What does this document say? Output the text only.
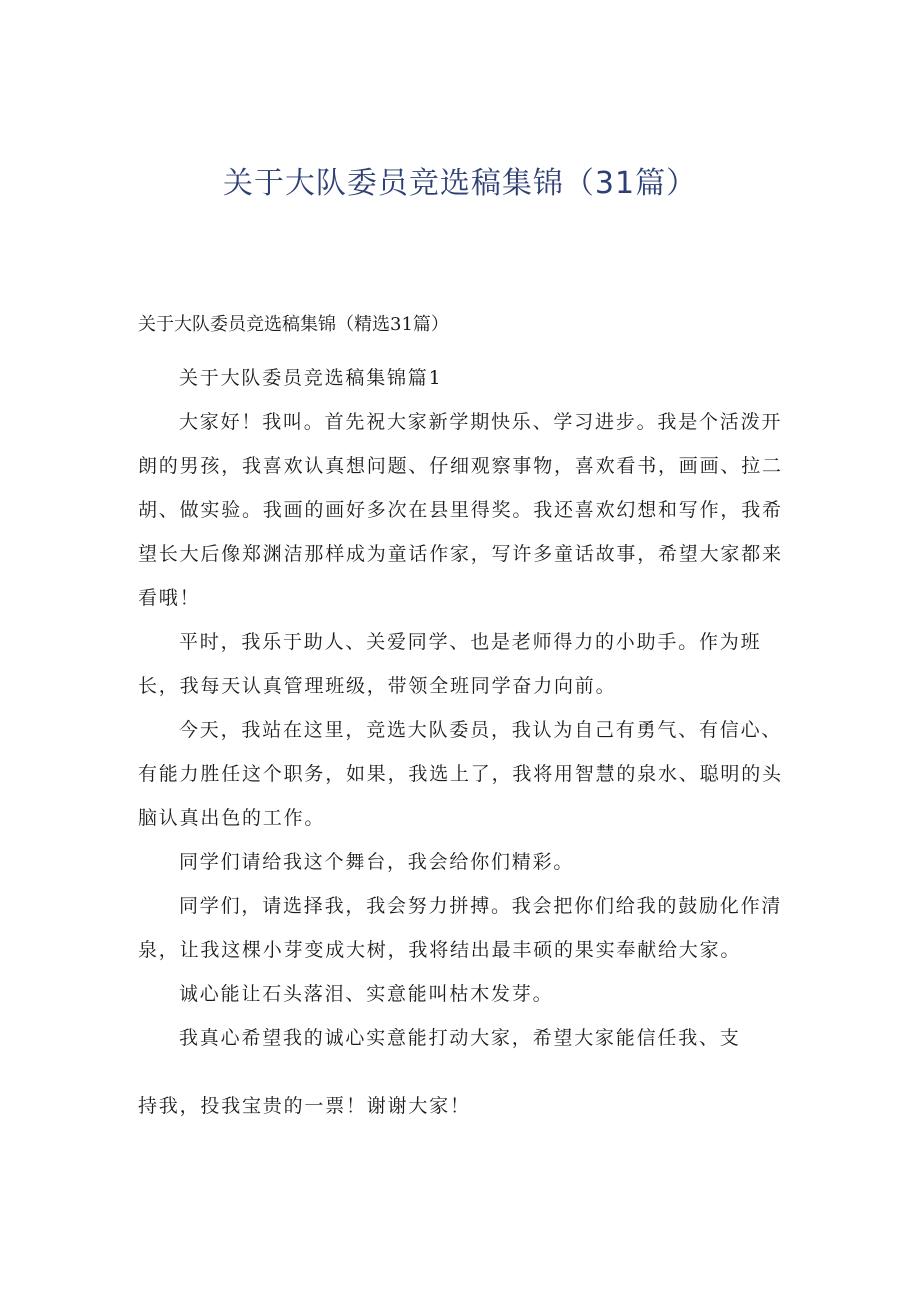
关于大队委员竞选稿集锦（31篇）

关于大队委员竞选稿集锦（精选31篇）

关于大队委员竞选稿集锦篇1

大家好！我叫。首先祝大家新学期快乐、学习进步。我是个活泼开朗的男孩，我喜欢认真想问题、仔细观察事物，喜欢看书，画画、拉二胡、做实验。我画的画好多次在县里得奖。我还喜欢幻想和写作，我希望长大后像郑渊洁那样成为童话作家，写许多童话故事，希望大家都来看哦！

平时，我乐于助人、关爱同学、也是老师得力的小助手。作为班长，我每天认真管理班级，带领全班同学奋力向前。

今天，我站在这里，竞选大队委员，我认为自己有勇气、有信心、有能力胜任这个职务，如果，我选上了，我将用智慧的泉水、聪明的头脑认真出色的工作。

同学们请给我这个舞台，我会给你们精彩。

同学们，请选择我，我会努力拼搏。我会把你们给我的鼓励化作清泉，让我这棵小芽变成大树，我将结出最丰硕的果实奉献给大家。

诚心能让石头落泪、实意能叫枯木发芽。

我真心希望我的诚心实意能打动大家，希望大家能信任我、支

持我，投我宝贵的一票！谢谢大家！
